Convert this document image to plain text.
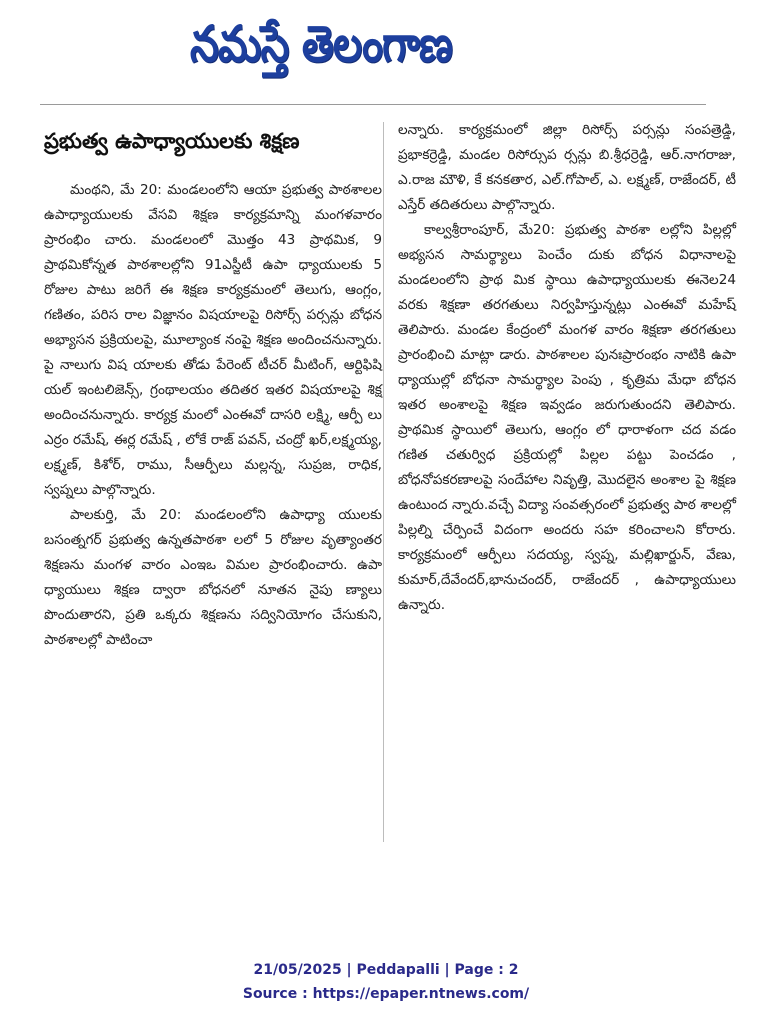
నమస్తే తెలంగాణ
ప్రభుత్వ ఉపాధ్యాయులకు శిక్షణ

మంథని, మే 20: మండలంలోని ఆయా ప్రభుత్వ పాఠశాలల ఉపాధ్యాయులకు వేసవి శిక్షణ కార్యక్రమాన్ని మంగళవారం ప్రారంభిం చారు. మండలంలో మొత్తం 43 ప్రాథమిక, 9 ప్రాథమికోన్నత పాఠశాలల్లోని 91ఎస్జీటీ ఉపా ధ్యాయులకు 5 రోజుల పాటు జరిగే ఈ శిక్షణ కార్యక్రమంలో తెలుగు, ఆంగ్లం, గణితం, పరిస రాల విజ్ఞానం విషయాలపై రిసోర్స్ పర్సన్లు బోధన అభ్యాసన ప్రక్రియలపై, మూల్యాంక నంపై శిక్షణ అందించనున్నారు. పై నాలుగు విష యాలకు తోడు పేరెంట్ టీచర్ మీటింగ్, ఆర్టిఫిషి యల్ ఇంటలిజెన్స్, గ్రంథాలయం తదితర ఇతర విషయాలపై శిక్ష అందించనున్నారు. కార్యక్ర మంలో ఎంఈవో దాసరి లక్ష్మి, ఆర్పీ లు ఎర్రం రమేష్, ఈర్ల రమేష్ , లోకే రాజ్ పవన్, చంద్రో ఖర్,లక్ష్మయ్య, లక్ష్మణ్, కిశోర్, రాము, సీఆర్పీలు మల్లన్న, సుప్రజ, రాధిక, స్వప్నలు పాల్గొన్నారు.

పాలకుర్తి, మే 20: మండలంలోని ఉపాధ్యా యులకు బసంత్నగర్ ప్రభుత్వ ఉన్నతపాఠశా లలో 5 రోజుల వృత్యాంతర శిక్షణను మంగళ వారం ఎంఇఒ విమల ప్రారంభించారు. ఉపా ధ్యాయులు శిక్షణ ద్వారా బోధనలో నూతన నైపు ణ్యాలు పొందుతారని, ప్రతి ఒక్కరు శిక్షణను సద్వినియోగం చేసుకుని, పాఠశాలల్లో పాటించా

లన్నారు. కార్యక్రమంలో జిల్లా రిసోర్స్ పర్సన్లు సంపత్రెడ్డి, ప్రభాకర్రెడ్డి, మండల రిసోర్సుప ర్సన్లు బి.శ్రీధర్రెడ్డి, ఆర్.నాగరాజు, ఎ.రాజ మౌళి, కే కనకతార, ఎల్.గోపాల్, ఎ. లక్ష్మణ్, రాజేందర్, టీ ఎస్తేర్ తదితరులు పాల్గొన్నారు.

కాల్వశ్రీరాంపూర్, మే20: ప్రభుత్వ పాఠశా లల్లోని పిల్లల్లో అభ్యసన సామర్థ్యాలు పెంచేం దుకు బోధన విధానాలపై మండలంలోని ప్రాథ మిక స్థాయి ఉపాధ్యాయులకు ఈనెల24 వరకు శిక్షణా తరగతులు నిర్వహిస్తున్నట్లు ఎంఈవో మహేష్ తెలిపారు. మండల కేంద్రంలో మంగళ వారం శిక్షణా తరగతులు ప్రారంభించి మాట్లా డారు. పాఠశాలల పునఃప్రారంభం నాటికి ఉపా ధ్యాయుల్లో బోధనా సామర్థ్యాల పెంపు , కృత్రిమ మేధా బోధన ఇతర అంశాలపై శిక్షణ ఇవ్వడం జరుగుతుందని తెలిపారు. ప్రాథమిక స్థాయిలో తెలుగు, ఆంగ్లం లో ధారాళంగా చద వడం గణిత చతుర్విధ ప్రక్రియల్లో పిల్లల పట్టు పెంచడం , బోధనోపకరణాలపై సందేహాల నివృత్తి, మొదలైన అంశాల పై శిక్షణ ఉంటుంద న్నారు.వచ్చే విద్యా సంవత్సరంలో ప్రభుత్వ పాఠ శాలల్లో పిల్లల్ని చేర్పించే విదంగా అందరు సహ కరించాలని కోరారు. కార్యక్రమంలో ఆర్పీలు సదయ్య, స్వప్న, మల్లిఖార్జున్, వేణు, కుమార్,దేవేందర్,భానుచందర్, రాజేందర్ , ఉపాధ్యాయులు ఉన్నారు.

21/05/2025 | Peddapalli | Page : 2
Source : https://epaper.ntnews.com/
